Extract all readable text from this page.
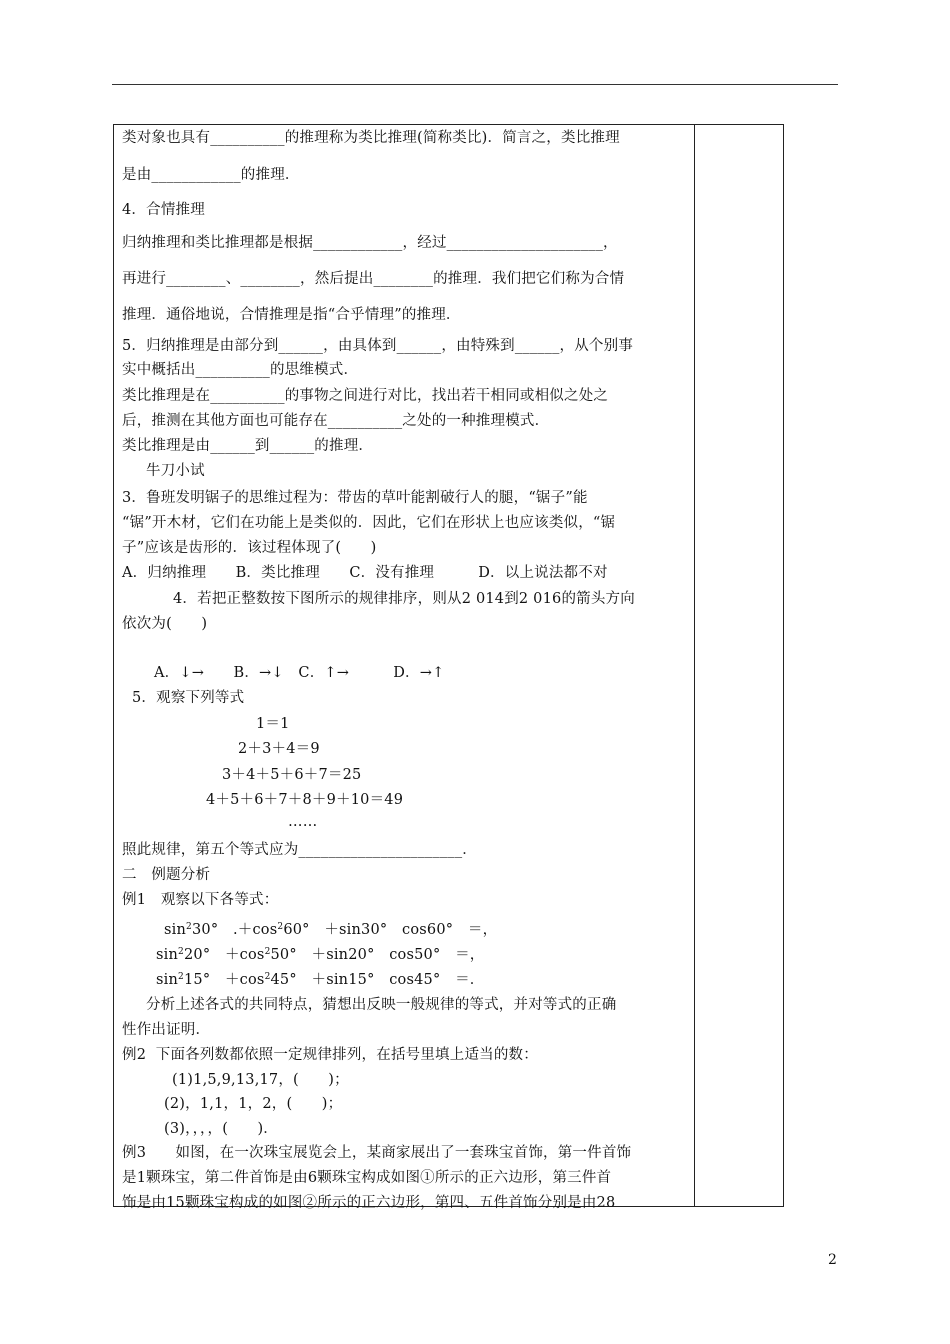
类对象也具有__________的推理称为类比推理(简称类比)．简言之，类比推理
是由____________的推理．
4．合情推理
归纳推理和类比推理都是根据____________，经过_____________________，
再进行________、________，然后提出________的推理．我们把它们称为合情
推理．通俗地说，合情推理是指“合乎情理”的推理．
5．归纳推理是由部分到______，由具体到______，由特殊到______，从个别事
实中概括出__________的思维模式．
类比推理是在__________的事物之间进行对比，找出若干相同或相似之处之
后，推测在其他方面也可能存在__________之处的一种推理模式．
类比推理是由______到______的推理．
牛刀小试
3．鲁班发明锯子的思维过程为：带齿的草叶能割破行人的腿，“锯子”能
“锯”开木材，它们在功能上是类似的．因此，它们在形状上也应该类似，“锯
子”应该是齿形的．该过程体现了(　　)
A．归纳推理　　B．类比推理　　C．没有推理　　　D．以上说法都不对
4．若把正整数按下图所示的规律排序，则从2 014到2 016的箭头方向
依次为(　　)
A．↓→　　B．→↓　C．↑→　　　D．→↑
5．观察下列等式
1＝1
2＋3＋4＝9
3＋4＋5＋6＋7＝25
4＋5＋6＋7＋8＋9＋10＝49
……
照此规律，第五个等式应为______________________．
二　例题分析
例1　观察以下各等式：
分析上述各式的共同特点，猜想出反映一般规律的等式，并对等式的正确
性作出证明．
例2  下面各列数都依照一定规律排列，在括号里填上适当的数：
(1)1,5,9,13,17，(　　)；
(2)，1,1，1，2，(　　)；
(3)，，，，(　　)．
例3　　如图，在一次珠宝展览会上，某商家展出了一套珠宝首饰，第一件首饰
是1颗珠宝，第二件首饰是由6颗珠宝构成如图①所示的正六边形，第三件首
饰是由15颗珠宝构成的如图②所示的正六边形，第四、五件首饰分别是由28
$\sin^230^\circ$　$.+\cos^260^\circ$　＋sin30°　cos60°　＝，
$\sin^220^\circ$　$+\cos^250^\circ$　＋sin20°　cos50°　＝，
$\sin^215^\circ$　$+\cos^245^\circ$　＋sin15°　cos45°　＝．
2
